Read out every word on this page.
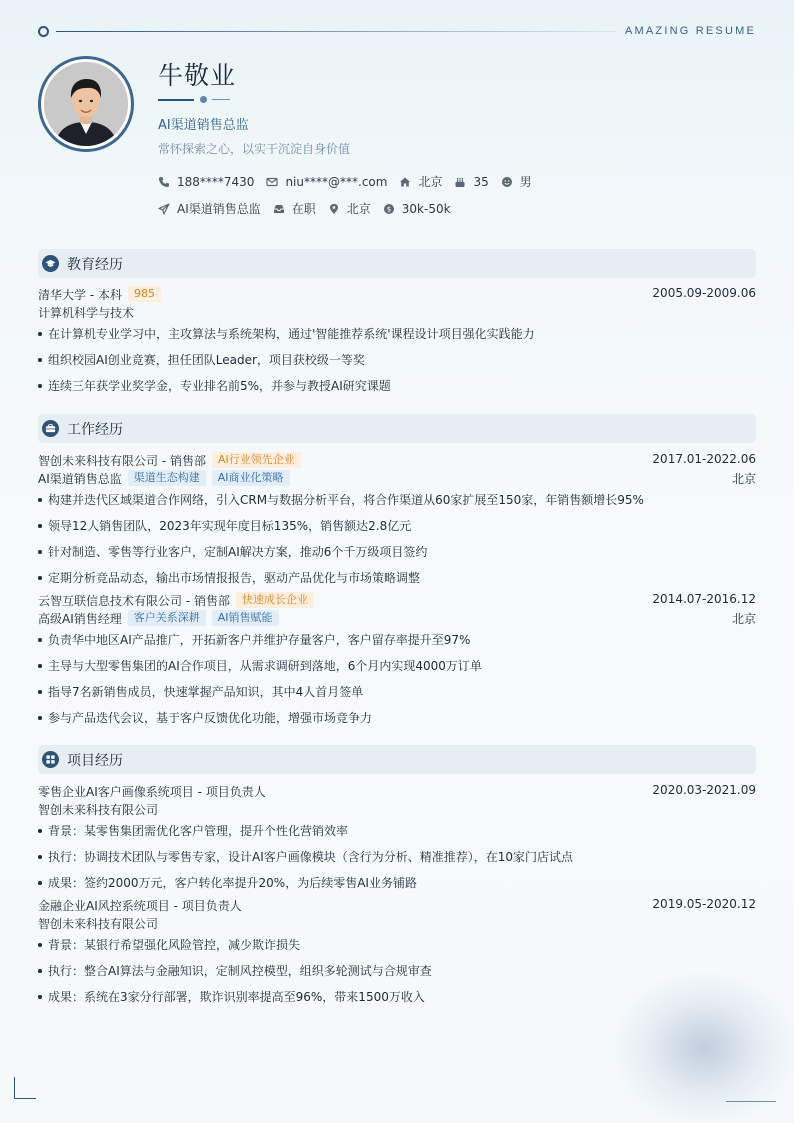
AMAZING RESUME
牛敬业
AI渠道销售总监
常怀探索之心，以实干沉淀自身价值
188****7430	niu****@***.com	北京	35	男
AI渠道销售总监	在职	北京 $ 30k-50k
教育经历
清华大学 - 本科	985	2005.09-2009.06
计算机科学与技术
在计算机专业学习中，主攻算法与系统架构，通过'智能推荐系统'课程设计项目强化实践能力
组织校园AI创业竞赛，担任团队Leader，项目获校级一等奖
连续三年获学业奖学金，专业排名前5%，并参与教授AI研究课题
工作经历
智创未来科技有限公司 - 销售部	AI行业领先企业	2017.01-2022.06
AI渠道销售总监	渠道生态构建	AI商业化策略	北京
构建并迭代区域渠道合作网络，引入CRM与数据分析平台，将合作渠道从60家扩展至150家，年销售额增长95%
领导12人销售团队，2023年实现年度目标135%，销售额达2.8亿元
针对制造、零售等行业客户，定制AI解决方案，推动6个千万级项目签约
定期分析竞品动态，输出市场情报报告，驱动产品优化与市场策略调整
云智互联信息技术有限公司 - 销售部	快速成长企业	2014.07-2016.12
高级AI销售经理	客户关系深耕	AI销售赋能	北京
负责华中地区AI产品推广，开拓新客户并维护存量客户，客户留存率提升至97%
主导与大型零售集团的AI合作项目，从需求调研到落地，6个月内实现4000万订单
指导7名新销售成员，快速掌握产品知识，其中4人首月签单
参与产品迭代会议，基于客户反馈优化功能，增强市场竞争力
项目经历
零售企业AI客户画像系统项目 - 项目负责人	2020.03-2021.09
智创未来科技有限公司
背景：某零售集团需优化客户管理，提升个性化营销效率
执行：协调技术团队与零售专家，设计AI客户画像模块（含行为分析、精准推荐），在10家门店试点
成果：签约2000万元，客户转化率提升20%，为后续零售AI业务铺路
金融企业AI风控系统项目 - 项目负责人	2019.05-2020.12
智创未来科技有限公司
背景：某银行希望强化风险管控，减少欺诈损失
执行：整合AI算法与金融知识，定制风控模型，组织多轮测试与合规审查
成果：系统在3家分行部署，欺诈识别率提高至96%，带来1500万收入
